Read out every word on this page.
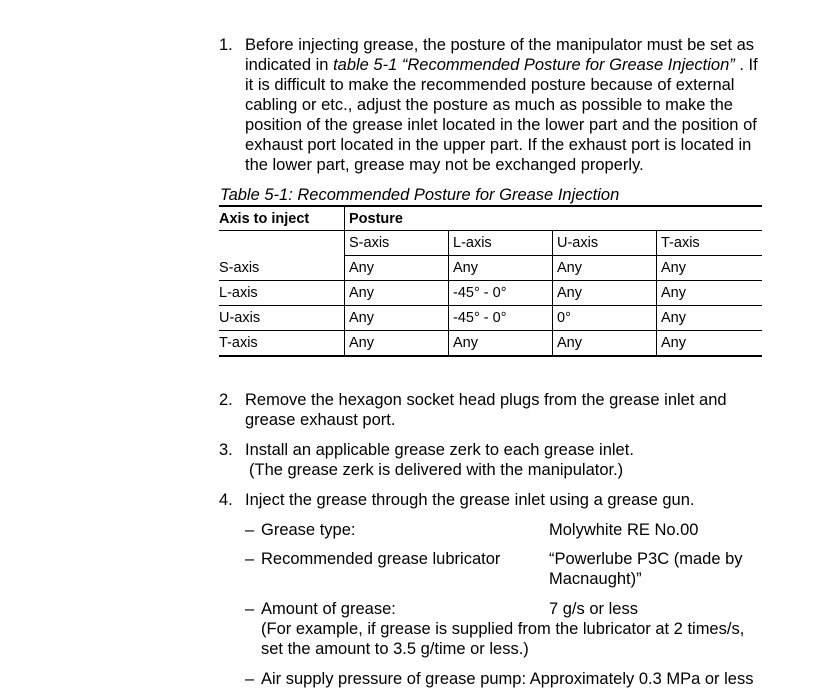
1. Before injecting grease, the posture of the manipulator must be set as
indicated in table 5-1 “Recommended Posture for Grease Injection” . If
it is difficult to make the recommended posture because of external
cabling or etc., adjust the posture as much as possible to make the
position of the grease inlet located in the lower part and the position of
exhaust port located in the upper part. If the exhaust port is located in
the lower part, grease may not be exchanged properly.
Table 5-1: Recommended Posture for Grease Injection
Axis to inject	Posture			
	S-axis	L-axis	U-axis	T-axis
S-axis	Any	Any	Any	Any
L-axis	Any	-45° - 0°	Any	Any
U-axis	Any	-45° - 0°	0°	Any
T-axis	Any	Any	Any	Any
2. Remove the hexagon socket head plugs from the grease inlet and
grease exhaust port.
3. Install an applicable grease zerk to each grease inlet.
(The grease zerk is delivered with the manipulator.)
4. Inject the grease through the grease inlet using a grease gun.
– Grease type:	Molywhite RE No.00
– Recommended grease lubricator	“Powerlube P3C (made by
Macnaught)”
– Amount of grease:	7 g/s or less
(For example, if grease is supplied from the lubricator at 2 times/s,
set the amount to 3.5 g/time or less.)
– Air supply pressure of grease pump: Approximately 0.3 MPa or less
